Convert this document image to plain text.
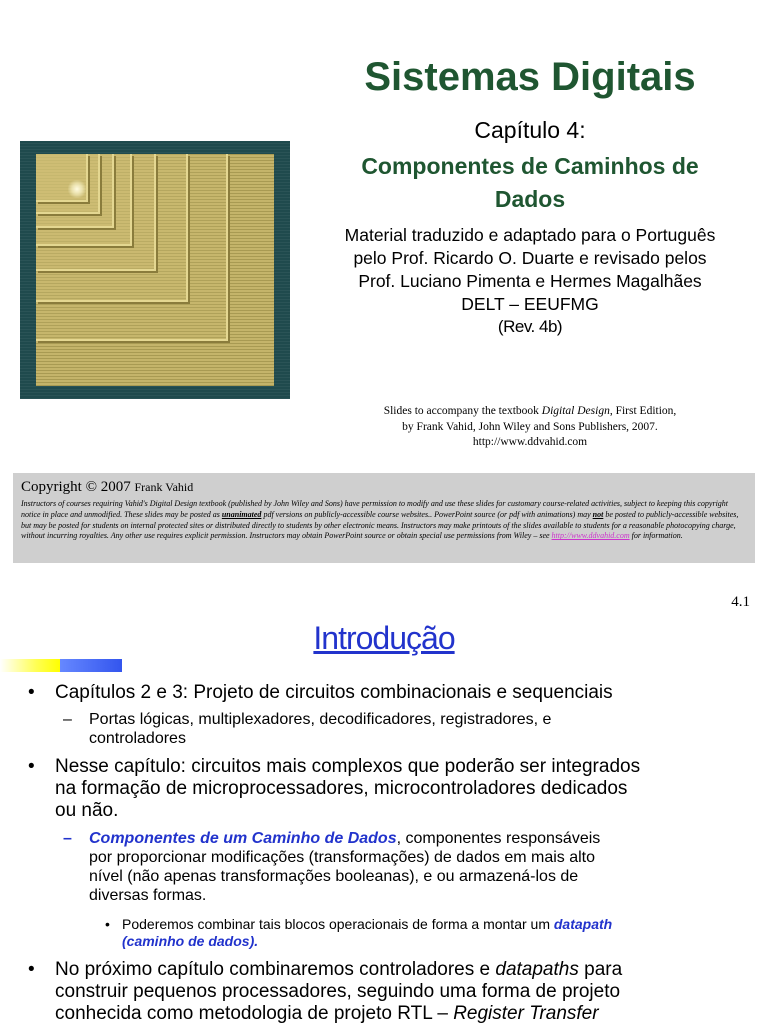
Sistemas Digitais
Capítulo 4:
Componentes de Caminhos de
Dados
Material traduzido e adaptado para o Português
pelo Prof. Ricardo O. Duarte e revisado pelos
Prof. Luciano Pimenta e Hermes Magalhães
DELT – EEUFMG
(Rev. 4b)
Slides to accompany the textbook Digital Design, First Edition,
by Frank Vahid, John Wiley and Sons Publishers, 2007.
http://www.ddvahid.com
Copyright © 2007 Frank Vahid
Instructors of courses requiring Vahid's Digital Design textbook (published by John Wiley and Sons) have permission to modify and use these slides for customary course-related activities, subject to keeping this copyright notice in place and unmodified. These slides may be posted as unanimated pdf versions on publicly-accessible course websites.. PowerPoint source (or pdf with animations) may not be posted to publicly-accessible websites, but may be posted for students on internal protected sites or distributed directly to students by other electronic means. Instructors may make printouts of the slides available to students for a reasonable photocopying charge, without incurring royalties. Any other use requires explicit permission. Instructors may obtain PowerPoint source or obtain special use permissions from Wiley – see http://www.ddvahid.com for information.
4.1
Introdução
• Capítulos 2 e 3: Projeto de circuitos combinacionais e sequenciais
– Portas lógicas, multiplexadores, decodificadores, registradores, e
controladores
• Nesse capítulo: circuitos mais complexos que poderão ser integrados
na formação de microprocessadores, microcontroladores dedicados
ou não.
– Componentes de um Caminho de Dados, componentes responsáveis
por proporcionar modificações (transformações) de dados em mais alto
nível (não apenas transformações booleanas), e ou armazená-los de
diversas formas.
• Poderemos combinar tais blocos operacionais de forma a montar um datapath
(caminho de dados).
• No próximo capítulo combinaremos controladores e datapaths para
construir pequenos processadores, seguindo uma forma de projeto
conhecida como metodologia de projeto RTL – Register Transfer
